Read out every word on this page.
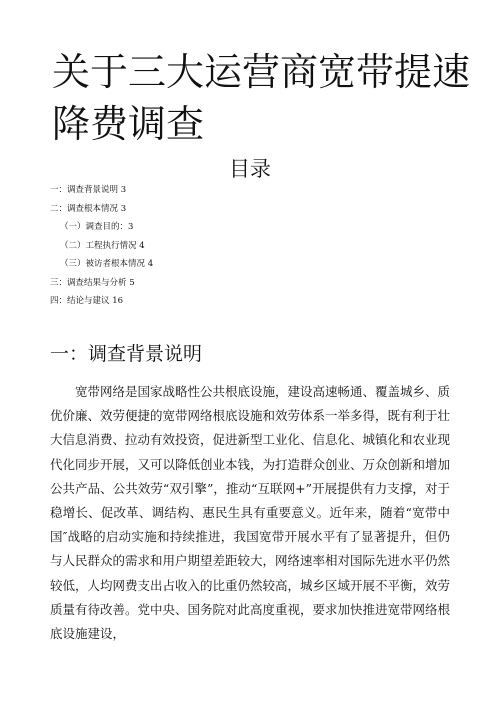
关于三大运营商宽带提速降费调查
目录
一：调查背景说明 3
二：调查根本情况 3
（一）调查目的：3
（二）工程执行情况 4
（三）被访者根本情况 4
三：调查结果与分析 5
四：结论与建议 16
一：调查背景说明

宽带网络是国家战略性公共根底设施，建设高速畅通、覆盖城乡、质优价廉、效劳便捷的宽带网络根底设施和效劳体系一举多得，既有利于壮大信息消费、拉动有效投资，促进新型工业化、信息化、城镇化和农业现代化同步开展，又可以降低创业本钱，为打造群众创业、万众创新和增加公共产品、公共效劳“双引擎”，推动“互联网+”开展提供有力支撑，对于稳增长、促改革、调结构、惠民生具有重要意义。近年来，随着“宽带中国″战略的启动实施和持续推进，我国宽带开展水平有了显著提升，但仍与人民群众的需求和用户期望差距较大，网络速率相对国际先进水平仍然较低，人均网费支出占收入的比重仍然较高，城乡区域开展不平衡，效劳质量有待改善。党中央、国务院对此高度重视，要求加快推进宽带网络根底设施建设，
